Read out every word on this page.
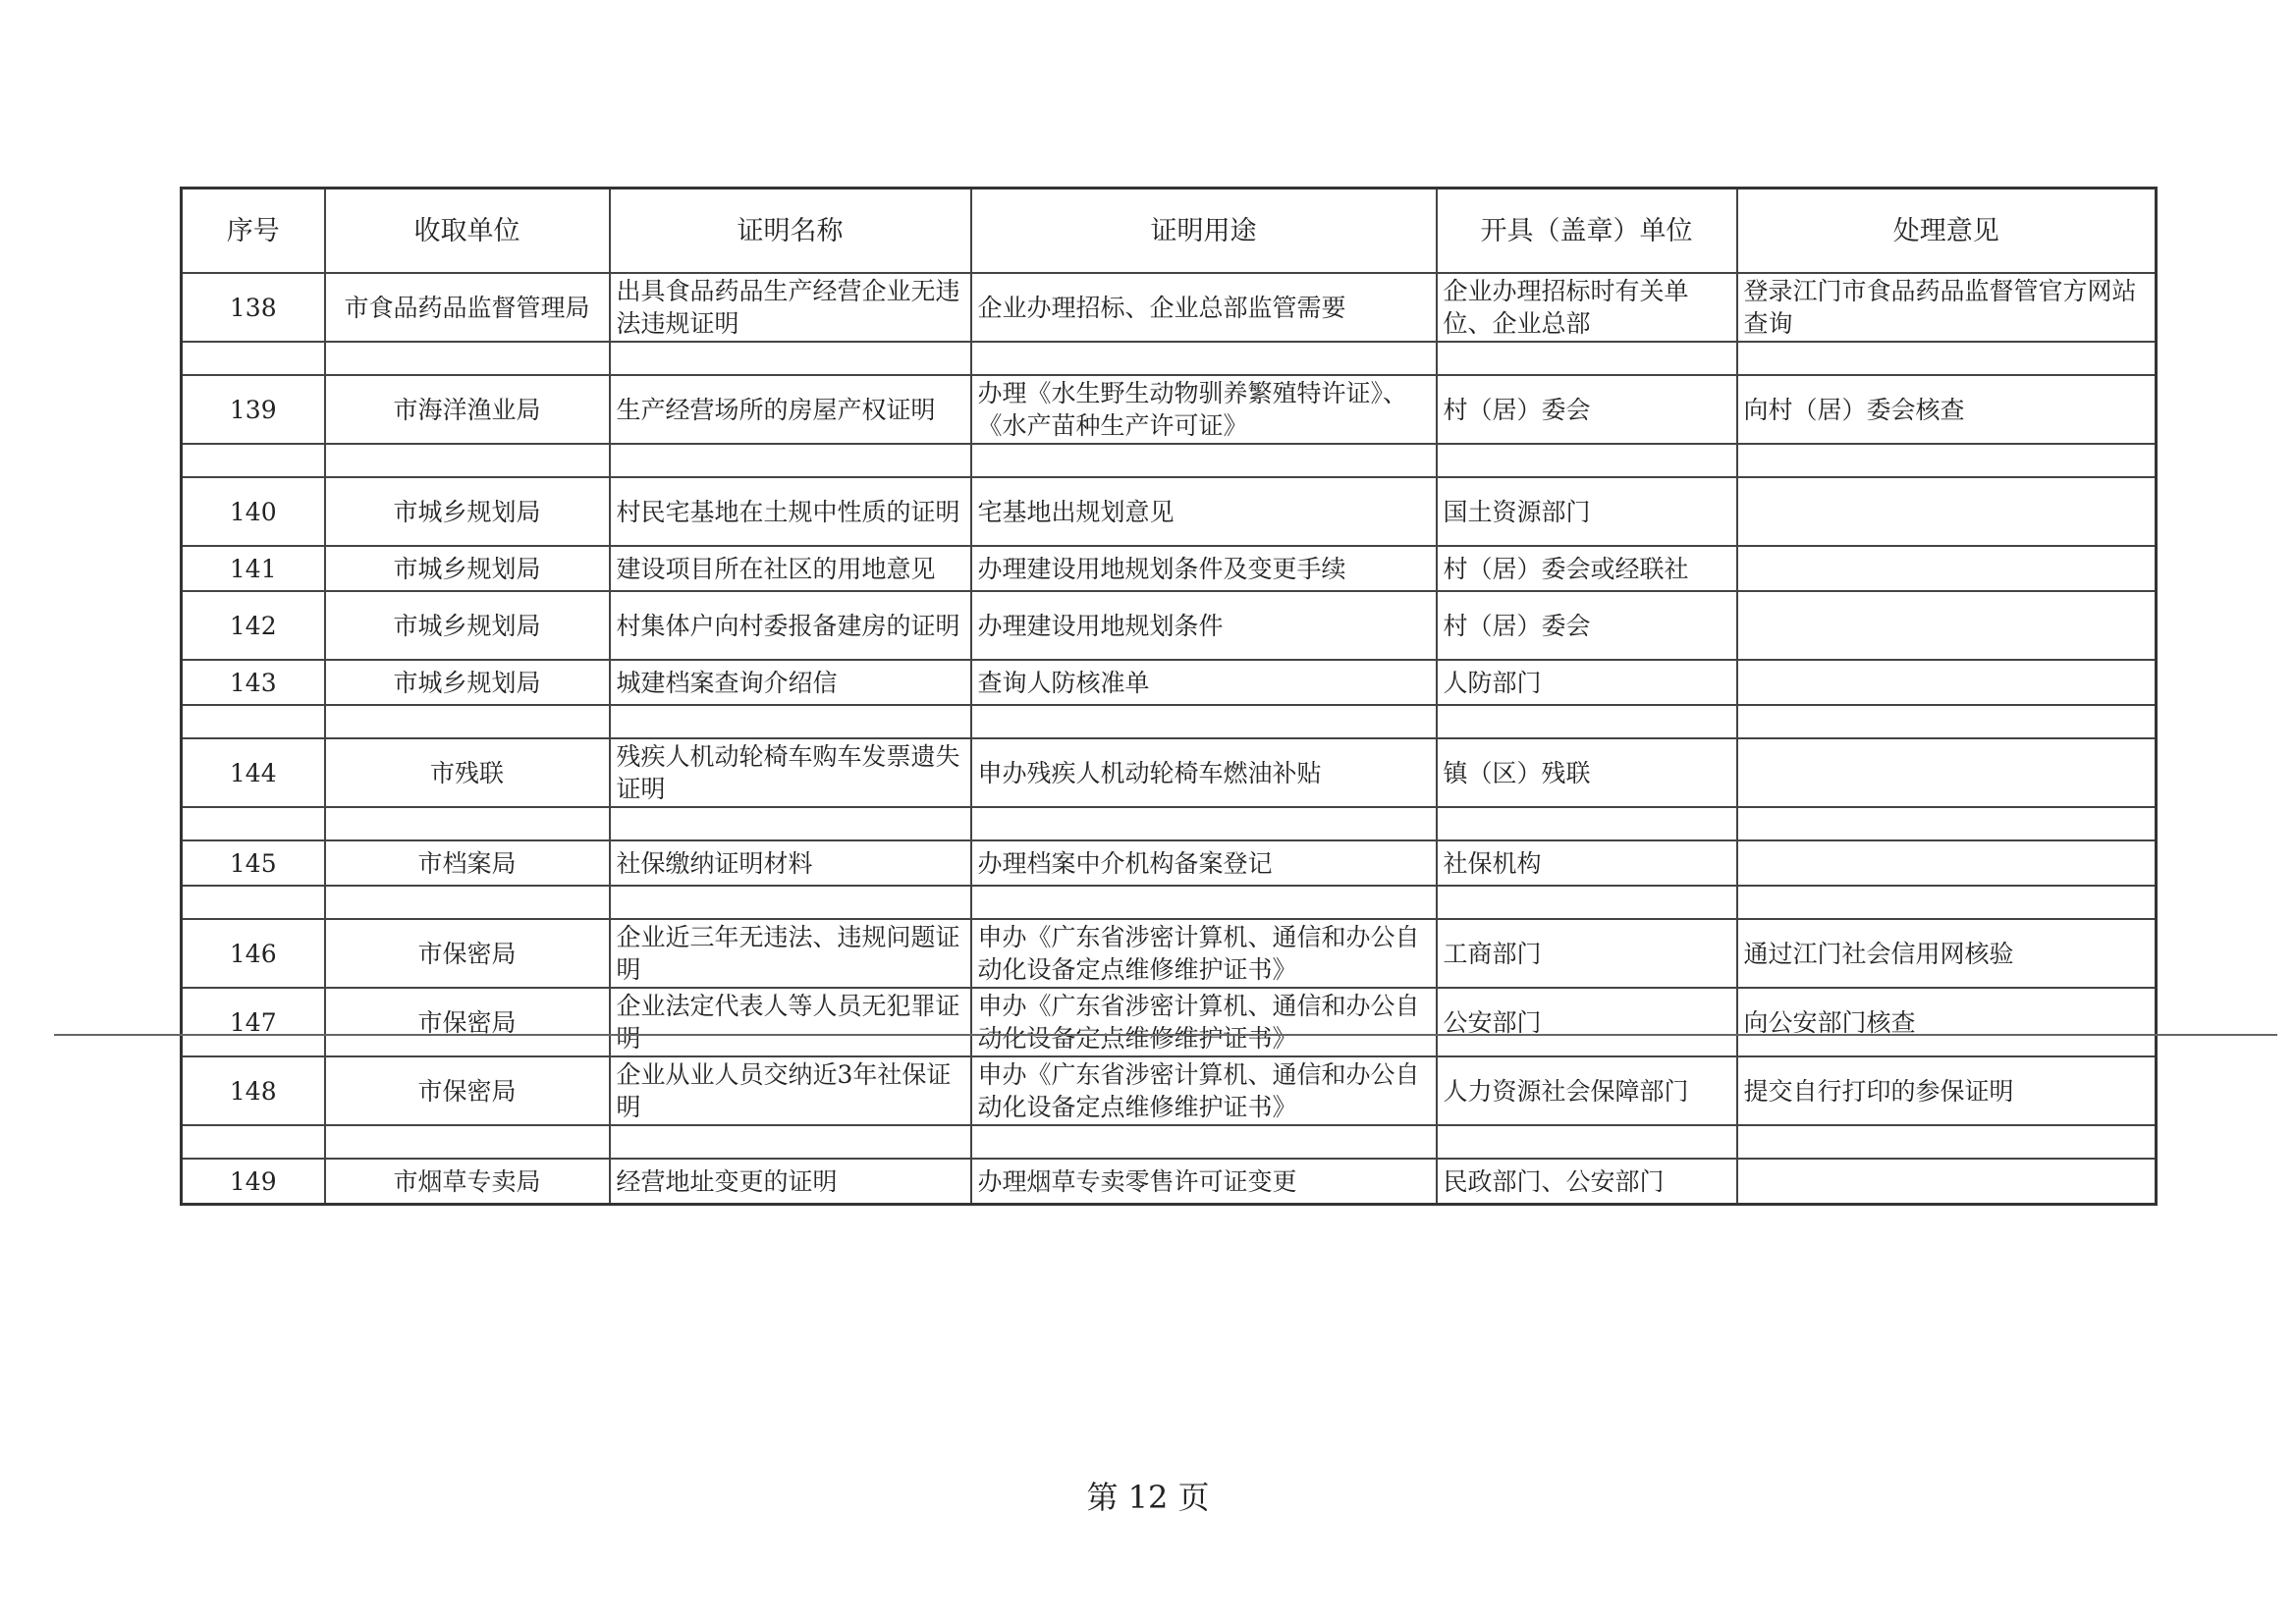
序号	收取单位	证明名称	证明用途	开具（盖章）单位	处理意见
138	市食品药品监督管理局	出具食品药品生产经营企业无违法违规证明	企业办理招标、企业总部监管需要	企业办理招标时有关单位、企业总部	登录江门市食品药品监督管官方网站查询

139	市海洋渔业局	生产经营场所的房屋产权证明	办理《水生野生动物驯养繁殖特许证》、《水产苗种生产许可证》	村（居）委会	向村（居）委会核查

140	市城乡规划局	村民宅基地在土规中性质的证明	宅基地出规划意见	国土资源部门	
141	市城乡规划局	建设项目所在社区的用地意见	办理建设用地规划条件及变更手续	村（居）委会或经联社	
142	市城乡规划局	村集体户向村委报备建房的证明	办理建设用地规划条件	村（居）委会	
143	市城乡规划局	城建档案查询介绍信	查询人防核准单	人防部门	

144	市残联	残疾人机动轮椅车购车发票遗失证明	申办残疾人机动轮椅车燃油补贴	镇（区）残联	

145	市档案局	社保缴纳证明材料	办理档案中介机构备案登记	社保机构	

146	市保密局	企业近三年无违法、违规问题证明	申办《广东省涉密计算机、通信和办公自动化设备定点维修维护证书》	工商部门	通过江门社会信用网核验
147	市保密局	企业法定代表人等人员无犯罪证明	申办《广东省涉密计算机、通信和办公自动化设备定点维修维护证书》	公安部门	向公安部门核查
148	市保密局	企业从业人员交纳近3年社保证明	申办《广东省涉密计算机、通信和办公自动化设备定点维修维护证书》	人力资源社会保障部门	提交自行打印的参保证明

149	市烟草专卖局	经营地址变更的证明	办理烟草专卖零售许可证变更	民政部门、公安部门	
第 12 页
